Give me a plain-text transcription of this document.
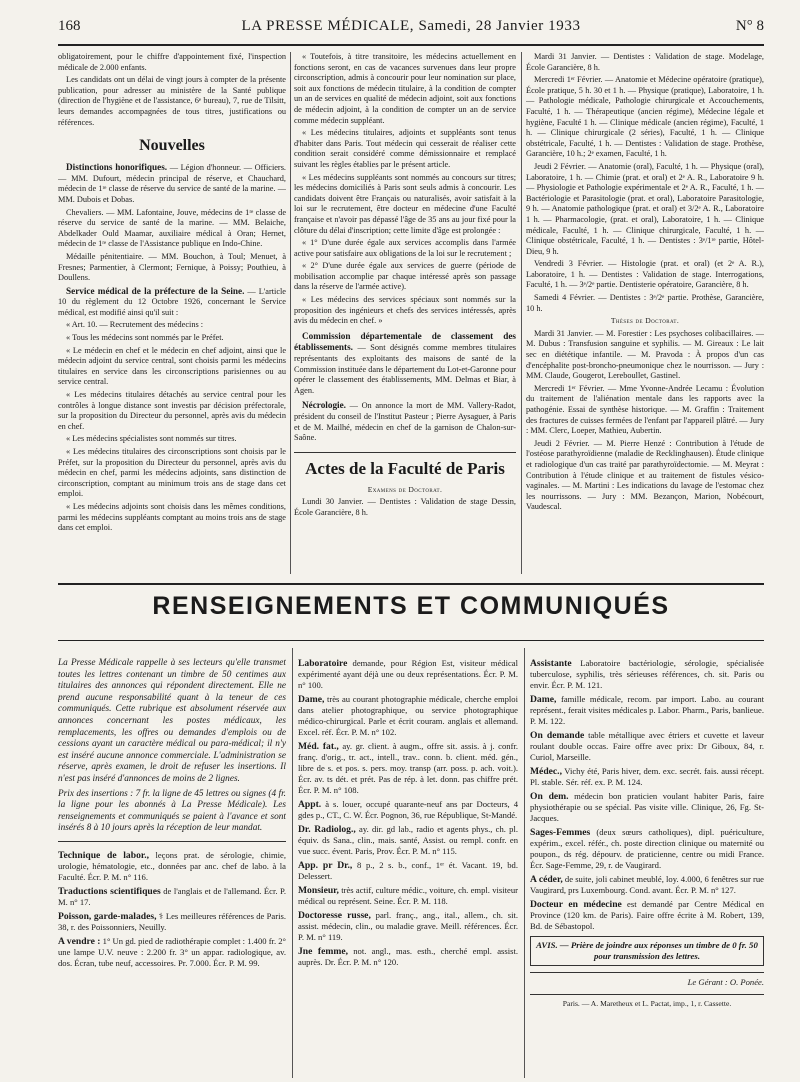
168	LA PRESSE MÉDICALE, Samedi, 28 Janvier 1933	N° 8

obligatoirement, pour le chiffre d'appointement fixé, l'inspection médicale de 2.000 enfants.

Les candidats ont un délai de vingt jours à compter de la présente publication, pour adresser au ministère de la Santé publique (direction de l'hygiène et de l'assistance, 6ᵉ bureau), 7, rue de Tilsitt, leurs demandes accompagnées de tous titres, justifications ou références.

Nouvelles

Distinctions honorifiques. — Légion d'honneur. — Officiers. — MM. Dufourt, médecin principal de réserve, et Chauchard, médecin de 1ʳᵉ classe de réserve du service de santé de la marine. — MM. Dubois et Dobas.

Chevaliers. — MM. Lafontaine, Jouve, médecins de 1ʳᵉ classe de réserve du service de santé de la marine. — MM. Belaiche, Abdelkader Ould Maamar, auxiliaire médical à Oran; Hernet, médecin de 1ʳᵉ classe de l'Assistance publique en Indo-Chine.

Médaille pénitentiaire. — MM. Bouchon, à Toul; Menuet, à Fresnes; Parmentier, à Clermont; Fernique, à Poissy; Pouthieu, à Doullens.

Service médical de la préfecture de la Seine. — L'article 10 du règlement du 12 Octobre 1926, concernant le Service médical, est modifié ainsi qu'il suit :

« Art. 10. — Recrutement des médecins :

« Tous les médecins sont nommés par le Préfet.

« Le médecin en chef et le médecin en chef adjoint, ainsi que le médecin adjoint du service central, sont choisis parmi les médecins titulaires en service dans les circonscriptions parisiennes ou au service central.

« Les médecins titulaires détachés au service central pour les contrôles à longue distance sont investis par décision préfectorale, sur la proposition du Directeur du personnel, après avis du médecin en chef.

« Les médecins spécialistes sont nommés sur titres.

« Les médecins titulaires des circonscriptions sont choisis par le Préfet, sur la proposition du Directeur du personnel, après avis du médecin en chef, parmi les médecins adjoints, sans distinction de circonscription, comptant au minimum trois ans de stage dans cet emploi.

« Les médecins adjoints sont choisis dans les mêmes conditions, parmi les médecins suppléants comptant au moins trois ans de stage dans cet emploi.

« Toutefois, à titre transitoire, les médecins actuellement en fonctions seront, en cas de vacances survenues dans leur propre circonscription, admis à concourir pour leur nomination sur place, soit aux fonctions de médecin titulaire, à la condition de compter un an de services en qualité de médecin adjoint, soit aux fonctions de médecin adjoint, à la condition de compter un an de service comme médecin suppléant.

« Les médecins titulaires, adjoints et suppléants sont tenus d'habiter dans Paris. Tout médecin qui cesserait de réaliser cette condition serait considéré comme démissionnaire et remplacé suivant les règles établies par le présent article.

« Les médecins suppléants sont nommés au concours sur titres; les médecins domiciliés à Paris sont seuls admis à concourir. Les candidats doivent être Français ou naturalisés, avoir satisfait à la loi sur le recrutement, être docteur en médecine d'une Faculté française et n'avoir pas dépassé l'âge de 35 ans au jour fixé pour la clôture du délai d'inscription; cette limite d'âge est prolongée :

« 1° D'une durée égale aux services accomplis dans l'armée active pour satisfaire aux obligations de la loi sur le recrutement ;

« 2° D'une durée égale aux services de guerre (période de mobilisation accomplie par chaque intéressé après son passage dans la réserve de l'armée active).

« Les médecins des services spéciaux sont nommés sur la proposition des ingénieurs et chefs des services intéressés, après avis du médecin en chef. »

Commission départementale de classement des établissements. — Sont désignés comme membres titulaires représentants des exploitants des maisons de santé de la Commission instituée dans le département du Lot-et-Garonne pour opérer le classement des établissements, MM. Delmas et Biar, à Agen.

Nécrologie. — On annonce la mort de MM. Vallery-Radot, président du conseil de l'Institut Pasteur ; Pierre Aysaguer, à Paris et de M. Mailhé, médecin en chef de la garnison de Chalon-sur-Saône.

Actes de la Faculté de Paris
Examens de Doctorat.

Lundi 30 Janvier. — Dentistes : Validation de stage Dessin, École Garancière, 8 h.

Mardi 31 Janvier. — Dentistes : Validation de stage. Modelage, École Garancière, 8 h.

Mercredi 1ᵉʳ Février. — Anatomie et Médecine opératoire (pratique), École pratique, 5 h. 30 et 1 h. — Physique (pratique), Laboratoire, 1 h. — Pathologie médicale, Pathologie chirurgicale et Accouchements, Faculté, 1 h. — Thérapeutique (ancien régime), Médecine légale et hygiène, Faculté 1 h. — Clinique médicale (ancien régime), Faculté, 1 h. — Clinique chirurgicale (2 séries), Faculté, 1 h. — Clinique obstétricale, Faculté, 1 h. — Dentistes : Validation de stage. Prothèse, Garancière, 10 h.; 2ᵉ examen, Faculté, 1 h.

Jeudi 2 Février. — Anatomie (oral), Faculté, 1 h. — Physique (oral), Laboratoire, 1 h. — Chimie (prat. et oral) et 2ᵉ A. R., Laboratoire 9 h. — Physiologie et Pathologie expérimentale et 2ᵉ A. R., Faculté, 1 h. — Bactériologie et Parasitologie (prat. et oral), Laboratoire Parasitologie, 9 h. — Anatomie pathologique (prat. et oral) et 3/2ᵉ A. R., Laboratoire 1 h. — Pharmacologie, (prat. et oral), Laboratoire, 1 h. — Clinique médicale, Faculté, 1 h. — Clinique chirurgicale, Faculté, 1 h. — Clinique obstétricale, Faculté, 1 h. — Dentistes : 3ᵉ/1ʳᵉ partie, Hôtel-Dieu, 9 h.

Vendredi 3 Février. — Histologie (prat. et oral) (et 2ᵉ A. R.), Laboratoire, 1 h. — Dentistes : Validation de stage. Interrogations, Faculté, 1 h. — 3ᵉ/2ᵉ partie. Dentisterie opératoire, Garancière, 8 h.

Samedi 4 Février. — Dentistes : 3ᵉ/2ᵉ partie. Prothèse, Garancière, 10 h.

Thèses de Doctorat.

Mardi 31 Janvier. — M. Forestier : Les psychoses colibacillaires. — M. Dubus : Transfusion sanguine et syphilis. — M. Gireaux : Le lait sec en diététique infantile. — M. Pravoda : À propos d'un cas d'encéphalite post-broncho-pneumonique chez le nourrisson. — Jury : MM. Claude, Gougerot, Lereboullet, Gastinel.

Mercredi 1ᵉʳ Février. — Mme Yvonne-Andrée Lecamu : Évolution du traitement de l'aliénation mentale dans les rapports avec la pathogénie. Essai de synthèse historique. — M. Graffin : Traitement des fractures de cuisses fermées de l'enfant par l'appareil plâtré. — Jury : MM. Clerc, Loeper, Mathieu, Aubertin.

Jeudi 2 Février. — M. Pierre Henzé : Contribution à l'étude de l'ostéose parathyroïdienne (maladie de Recklinghausen). Étude clinique et radiologique d'un cas traité par parathyroïdectomie. — M. Meyrat : Contribution à l'étude clinique et au traitement de fistules vésico-vaginales. — M. Martini : Les indications du lavage de l'estomac chez les nourrissons. — Jury : MM. Bezançon, Marion, Nobécourt, Vaudescal.

RENSEIGNEMENTS ET COMMUNIQUÉS

La Presse Médicale rappelle à ses lecteurs qu'elle transmet toutes les lettres contenant un timbre de 50 centimes aux titulaires des annonces qui répondent directement. Elle ne prend aucune responsabilité quant à la teneur de ces communiqués. Cette rubrique est absolument réservée aux annonces concernant les postes médicaux, les remplacements, les offres ou demandes d'emplois ou de cessions ayant un caractère médical ou para-médical; il n'y est inséré aucune annonce commerciale. L'administration se réserve, après examen, le droit de refuser les insertions. Il n'est pas inséré d'annonces de moins de 2 lignes.

Prix des insertions : 7 fr. la ligne de 45 lettres ou signes (4 fr. la ligne pour les abonnés à La Presse Médicale). Les renseignements et communiqués se paient à l'avance et sont insérés 8 à 10 jours après la réception de leur mandat.

Technique de labor., leçons prat. de sérologie, chimie, urologie, hématologie, etc., données par anc. chef de labo. à la Faculté. Écr. P. M. n° 116.

Traductions scientifiques de l'anglais et de l'allemand. Écr. P. M. n° 17.

Poisson, garde-malades, ⚕ Les meilleures références de Paris. 38, r. des Poissonniers, Neuilly.

A vendre : 1° Un gd. pied de radiothérapie complet : 1.400 fr. 2° une lampe U.V. neuve : 2.200 fr. 3° un appar. radiologique, av. dos. Écran, tube neuf, accessoires. Pr. 7.000. Écr. P. M. 99.

Laboratoire demande, pour Région Est, visiteur médical expérimenté ayant déjà une ou deux représentations. Écr. P. M. n° 100.

Dame, très au courant photographie médicale, cherche emploi dans atelier photographique, ou service photographique médico-chirurgical. Parle et écrit couram. anglais et allemand. Excel. réf. Écr. P. M. n° 102.

Méd. fat., ay. gr. client. à augm., offre sit. assis. à j. confr. franç. d'orig., tr. act., intell., trav.. conn. b. client. méd. gén., libre de s. et pos. s. pers. moy. transp (arr. poss. p. ach. voit.). Écr. av. ts dét. et prét. Pas de rép. à let. donn. pas chiffre prét. Écr. P. M. n° 108.

Appt. à s. louer, occupé quarante-neuf ans par Docteurs, 4 gdes p., CT., C. W. Écr. Pognon, 36, rue République, St-Mandé.

Dr. Radiolog., ay. dir. gd lab., radio et agents phys., ch. pl. équiv. ds Sana., clin., mais. santé, Assist. ou rempl. confr. en vue succ. évent. Paris, Prov. Écr. P. M. n° 115.

App. pr Dr., 8 p., 2 s. b., conf., 1ᵉʳ ét. Vacant. 19, bd. Delessert.

Monsieur, très actif, culture médic., voiture, ch. empl. visiteur médical ou représent. Seine. Écr. P. M. 118.

Doctoresse russe, parl. franç., ang., ital., allem., ch. sit. assist. médecin, clin., ou maladie grave. Meill. références. Écr. P. M. n° 119.

Jne femme, not. angl., mas. esth., cherché empl. assist. auprès. Dr. Écr. P. M. n° 120.

Assistante Laboratoire bactériologie, sérologie, spécialisée tuberculose, syphilis, très sérieuses références, ch. sit. Paris ou envir. Écr. P. M. 121.

Dame, famille médicale, recom. par import. Labo. au courant représent., ferait visites médicales p. Labor. Pharm., Paris, banlieue. P. M. 122.

On demande table métallique avec étriers et cuvette et laveur roulant double occas. Faire offre avec prix: Dr Giboux, 84, r. Curiol, Marseille.

Médec., Vichy été, Paris hiver, dem. exc. secrét. fais. aussi récept. Pl. stable. Sér. réf. ex. P. M. 124.

On dem. médecin bon praticien voulant habiter Paris, faire physiothérapie ou se spécial. Pas visite ville. Clinique, 26, Fg. St-Jacques.

Sages-Femmes (deux sœurs catholiques), dipl. puériculture, expérim., excel. référ., ch. poste direction clinique ou maternité ou poupon., ds rég. dépourv. de praticienne, centre ou midi France. Écr. Sage-Femme, 29, r. de Vaugirard.

A céder, de suite, joli cabinet meublé, loy. 4.000, 6 fenêtres sur rue Vaugirard, prs Luxembourg. Cond. avant. Écr. P. M. n° 127.

Docteur en médecine est demandé par Centre Médical en Province (120 km. de Paris). Faire offre écrite à M. Robert, 139, Bd. de Sébastopol.

AVIS. — Prière de joindre aux réponses un timbre de 0 fr. 50 pour transmission des lettres.
Le Gérant : O. Ponée.
Paris. — A. Maretheux et L. Pactat, imp., 1, r. Cassette.
